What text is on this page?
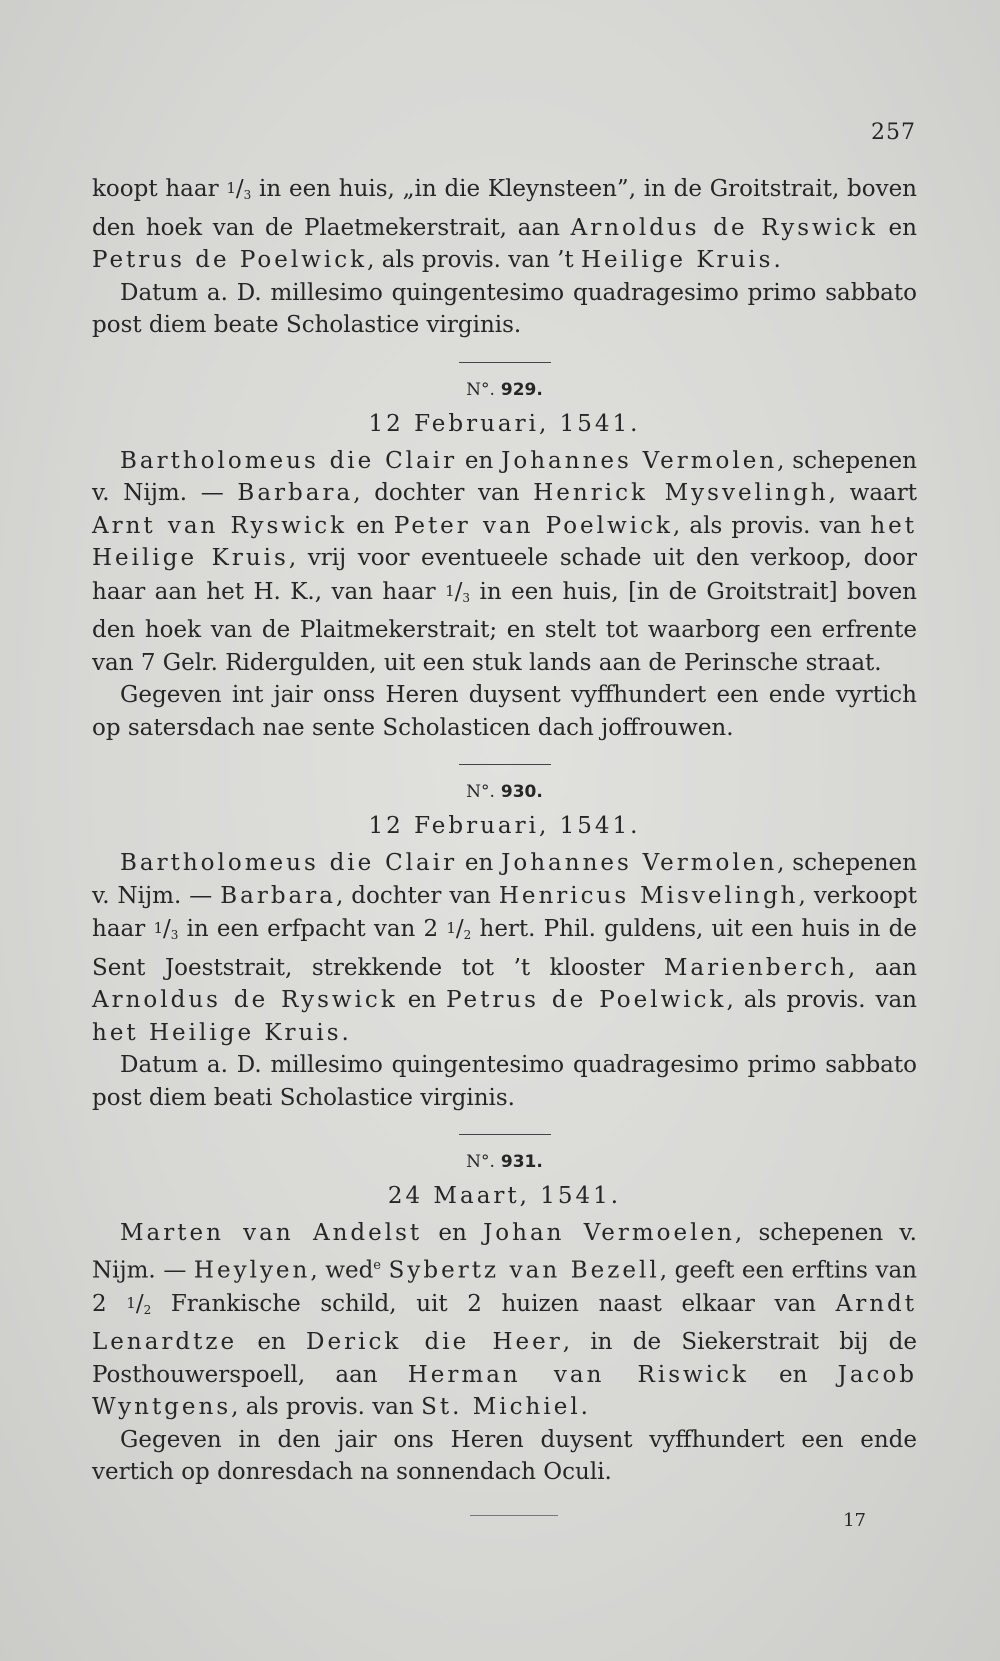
257

koopt haar 1/3 in een huis, „in die Kleynsteen”, in de Groitstrait, boven den hoek van de Plaetmekerstrait, aan Arnoldus de Ryswick en Petrus de Poelwick, als provis. van ’t Heilige Kruis.

Datum a. D. millesimo quingentesimo quadragesimo primo sabbato post diem beate Scholastice virginis.

N°. 929.
12 Februari, 1541.

Bartholomeus die Clair en Johannes Vermolen, schepenen v. Nijm. — Barbara, dochter van Henrick Mysvelingh, waart Arnt van Ryswick en Peter van Poelwick, als provis. van het Heilige Kruis, vrij voor eventueele schade uit den verkoop, door haar aan het H. K., van haar 1/3 in een huis, [in de Groitstrait] boven den hoek van de Plaitmekerstrait; en stelt tot waarborg een erfrente van 7 Gelr. Ridergulden, uit een stuk lands aan de Perinsche straat.

Gegeven int jair onss Heren duysent vyffhundert een ende vyrtich op satersdach nae sente Scholasticen dach joffrouwen.

N°. 930.
12 Februari, 1541.

Bartholomeus die Clair en Johannes Vermolen, schepenen v. Nijm. — Barbara, dochter van Henricus Misvelingh, verkoopt haar 1/3 in een erfpacht van 2 1/2 hert. Phil. guldens, uit een huis in de Sent Joeststrait, strekkende tot ’t klooster Marienberch, aan Arnoldus de Ryswick en Petrus de Poelwick, als provis. van het Heilige Kruis.

Datum a. D. millesimo quingentesimo quadragesimo primo sabbato post diem beati Scholastice virginis.

N°. 931.
24 Maart, 1541.

Marten van Andelst en Johan Vermoelen, schepenen v. Nijm. — Heylyen, wed$^e$ Sybertz van Bezell, geeft een erftins van 2 1/2 Frankische schild, uit 2 huizen naast elkaar van Arndt Lenardtze en Derick die Heer, in de Siekerstrait bij de Posthouwerspoell, aan Herman van Riswick en Jacob Wyntgens, als provis. van St. Michiel.

Gegeven in den jair ons Heren duysent vyffhundert een ende vertich op donresdach na sonnendach Oculi.

17
